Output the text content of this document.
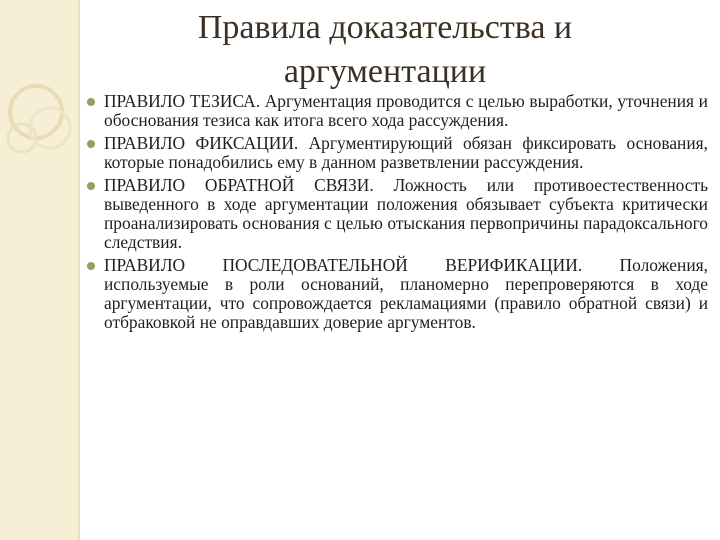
Правила доказательства и аргументации
ПРАВИЛО ТЕЗИСА. Аргументация проводится с целью выработки, уточнения и обоснования тезиса как итога всего хода рассуждения.
ПРАВИЛО ФИКСАЦИИ. Аргументирующий обязан фиксировать основания, которые понадобились ему в данном разветвлении рассуждения.
ПРАВИЛО ОБРАТНОЙ СВЯЗИ. Ложность или противоестественность выведенного в ходе аргументации положения обязывает субъекта критически проанализировать основания с целью отыскания первопричины парадоксального следствия.
ПРАВИЛО ПОСЛЕДОВАТЕЛЬНОЙ ВЕРИФИКАЦИИ. Положения, используемые в роли оснований, планомерно перепроверяются в ходе аргументации, что сопровождается рекламациями (правило обратной связи) и отбраковкой не оправдавших доверие аргументов.
